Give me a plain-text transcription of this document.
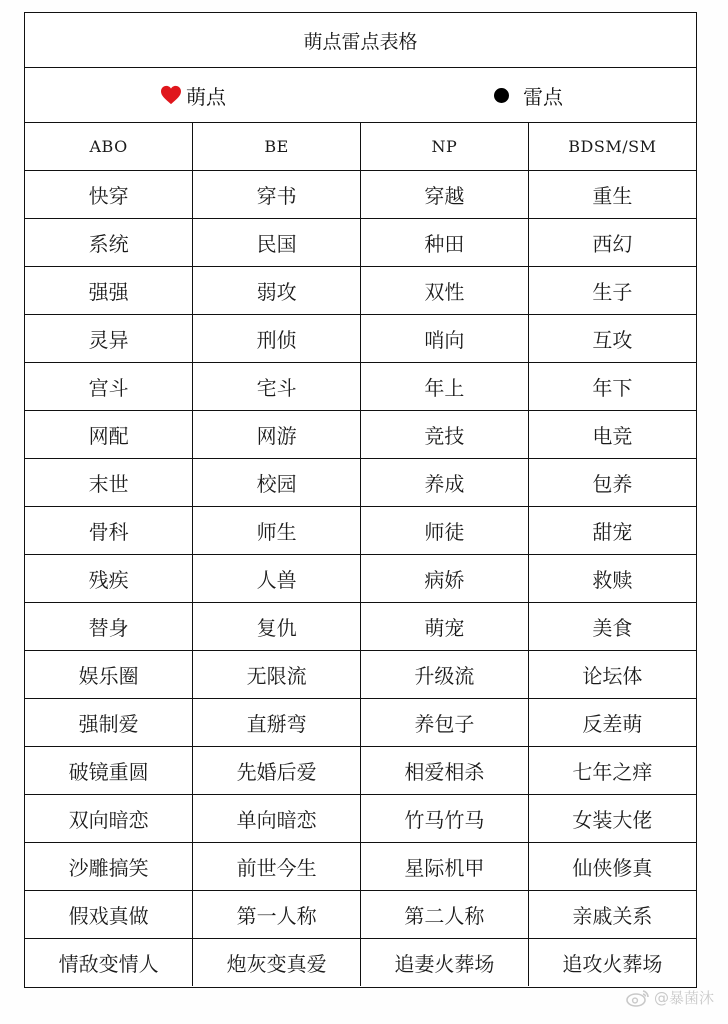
萌点雷点表格
萌点	雷点
ABO	BE	NP	BDSM/SM
快穿	穿书	穿越	重生
系统	民国	种田	西幻
强强	弱攻	双性	生子
灵异	刑侦	哨向	互攻
宫斗	宅斗	年上	年下
网配	网游	竞技	电竞
末世	校园	养成	包养
骨科	师生	师徒	甜宠
残疾	人兽	病娇	救赎
替身	复仇	萌宠	美食
娱乐圈	无限流	升级流	论坛体
强制爱	直掰弯	养包子	反差萌
破镜重圆	先婚后爱	相爱相杀	七年之痒
双向暗恋	单向暗恋	竹马竹马	女装大佬
沙雕搞笑	前世今生	星际机甲	仙侠修真
假戏真做	第一人称	第二人称	亲戚关系
情敌变情人	炮灰变真爱	追妻火葬场	追攻火葬场
@暴菌沐
